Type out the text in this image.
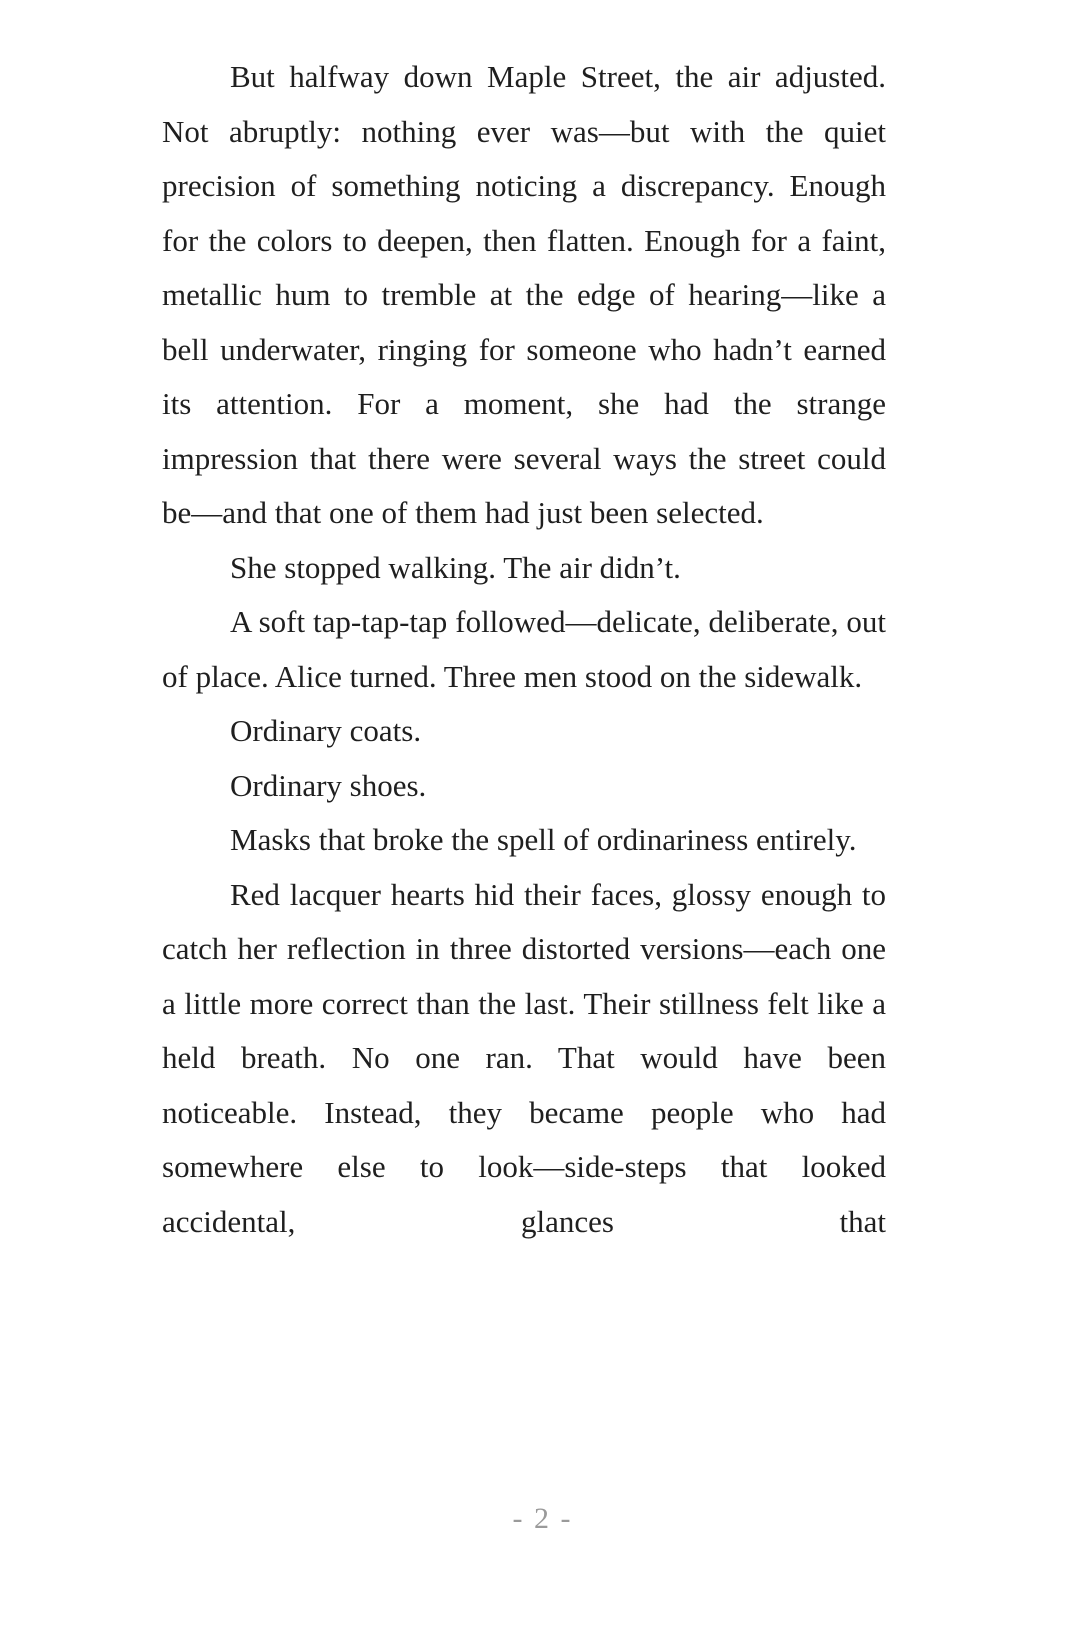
But halfway down Maple Street, the air adjusted. Not abruptly: nothing ever was—but with the quiet precision of something noticing a discrepancy. Enough for the colors to deepen, then flatten. Enough for a faint, metallic hum to tremble at the edge of hearing—like a bell underwater, ringing for someone who hadn’t earned its attention. For a moment, she had the strange impression that there were several ways the street could be—and that one of them had just been selected.

She stopped walking. The air didn’t.

A soft tap-tap-tap followed—delicate, deliberate, out of place. Alice turned. Three men stood on the sidewalk.

Ordinary coats.

Ordinary shoes.

Masks that broke the spell of ordinariness entirely.

Red lacquer hearts hid their faces, glossy enough to catch her reflection in three distorted versions—each one a little more correct than the last. Their stillness felt like a held breath. No one ran. That would have been noticeable. Instead, they became people who had somewhere else to look—side-steps that looked accidental, glances that

- 2 -
